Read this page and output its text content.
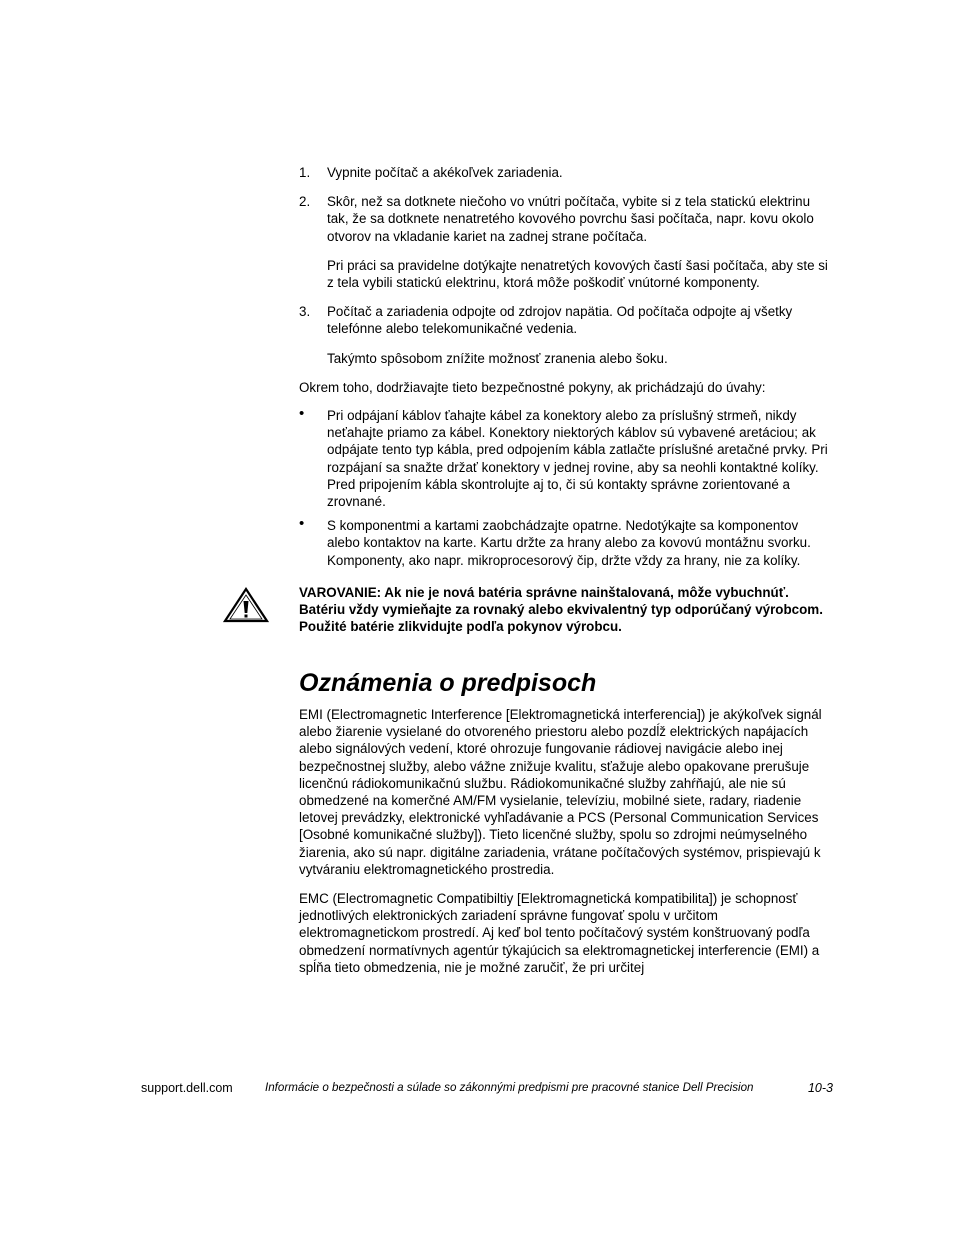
1. Vypnite počítač a akékoľvek zariadenia.

2. Skôr, než sa dotknete niečoho vo vnútri počítača, vybite si z tela statickú elektrinu tak, že sa dotknete nenatretého kovového povrchu šasi počítača, napr. kovu okolo otvorov na vkladanie kariet na zadnej strane počítača.

Pri práci sa pravidelne dotýkajte nenatretých kovových častí šasi počítača, aby ste si z tela vybili statickú elektrinu, ktorá môže poškodiť vnútorné komponenty.

3. Počítač a zariadenia odpojte od zdrojov napätia. Od počítača odpojte aj všetky telefónne alebo telekomunikačné vedenia.

Takýmto spôsobom znížite možnosť zranenia alebo šoku.

Okrem toho, dodržiavajte tieto bezpečnostné pokyny, ak prichádzajú do úvahy:

• Pri odpájaní káblov ťahajte kábel za konektory alebo za príslušný strmeň, nikdy neťahajte priamo za kábel. Konektory niektorých káblov sú vybavené aretáciou; ak odpájate tento typ kábla, pred odpojením kábla zatlačte príslušné aretačné prvky. Pri rozpájaní sa snažte držať konektory v jednej rovine, aby sa neohli kontaktné kolíky. Pred pripojením kábla skontrolujte aj to, či sú kontakty správne zorientované a zrovnané.

• S komponentmi a kartami zaobchádzajte opatrne. Nedotýkajte sa komponentov alebo kontaktov na karte. Kartu držte za hrany alebo za kovovú montážnu svorku. Komponenty, ako napr. mikroprocesorový čip, držte vždy za hrany, nie za kolíky.

VAROVANIE: Ak nie je nová batéria správne nainštalovaná, môže vybuchnúť. Batériu vždy vymieňajte za rovnaký alebo ekvivalentný typ odporúčaný výrobcom. Použité batérie zlikvidujte podľa pokynov výrobcu.

Oznámenia o predpisoch

EMI (Electromagnetic Interference [Elektromagnetická interferencia]) je akýkoľvek signál alebo žiarenie vysielané do otvoreného priestoru alebo pozdĺž elektrických napájacích alebo signálových vedení, ktoré ohrozuje fungovanie rádiovej navigácie alebo inej bezpečnostnej služby, alebo vážne znižuje kvalitu, sťažuje alebo opakovane prerušuje licenčnú rádiokomunikačnú službu. Rádiokomunikačné služby zahŕňajú, ale nie sú obmedzené na komerčné AM/FM vysielanie, televíziu, mobilné siete, radary, riadenie letovej prevádzky, elektronické vyhľadávanie a PCS (Personal Communication Services [Osobné komunikačné služby]). Tieto licenčné služby, spolu so zdrojmi neúmyselného žiarenia, ako sú napr. digitálne zariadenia, vrátane počítačových systémov, prispievajú k vytváraniu elektromagnetického prostredia.

EMC (Electromagnetic Compatibiltiy [Elektromagnetická kompatibilita]) je schopnosť jednotlivých elektronických zariadení správne fungovať spolu v určitom elektromagnetickom prostredí. Aj keď bol tento počítačový systém konštruovaný podľa obmedzení normatívnych agentúr týkajúcich sa elektromagnetickej interferencie (EMI) a spĺňa tieto obmedzenia, nie je možné zaručiť, že pri určitej

support.dell.com	Informácie o bezpečnosti a súlade so zákonnými predpismi pre pracovné stanice Dell Precision	10-3
